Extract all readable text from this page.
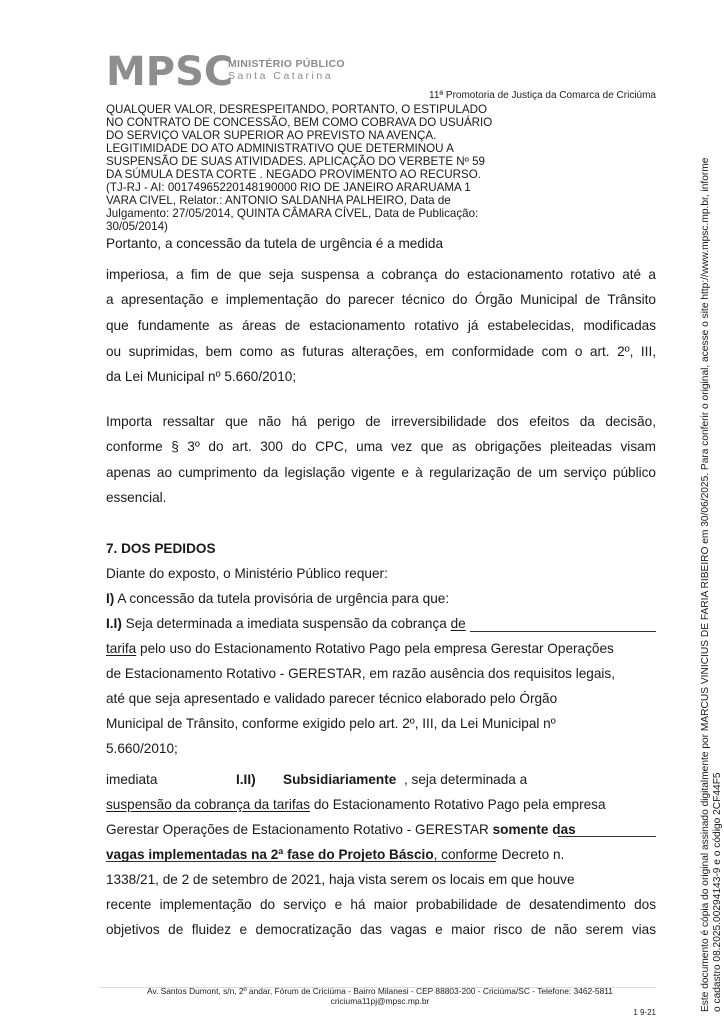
MPSC
MINISTÉRIO PÚBLICO
Santa Catarina
11ª Promotoria de Justiça da Comarca de Criciúma
QUALQUER VALOR, DESRESPEITANDO, PORTANTO, O ESTIPULADO
NO CONTRATO DE CONCESSÃO, BEM COMO COBRAVA DO USUÁRIO
DO SERVIÇO VALOR SUPERIOR AO PREVISTO NA AVENÇA.
LEGITIMIDADE DO ATO ADMINISTRATIVO QUE DETERMINOU A
SUSPENSÃO DE SUAS ATIVIDADES. APLICAÇÃO DO VERBETE Nº 59
DA SÚMULA DESTA CORTE . NEGADO PROVIMENTO AO RECURSO.
(TJ-RJ - AI: 00174965220148190000 RIO DE JANEIRO ARARUAMA 1
VARA CIVEL, Relator.: ANTONIO SALDANHA PALHEIRO, Data de
Julgamento: 27/05/2014, QUINTA CÂMARA CÍVEL, Data de Publicação:
30/05/2014)
Portanto, a concessão da tutela de urgência é a medida
imperiosa, a fim de que seja suspensa a cobrança do estacionamento rotativo até a
a apresentação e implementação do parecer técnico do Órgão Municipal de Trânsito
que fundamente as áreas de estacionamento rotativo já estabelecidas, modificadas
ou suprimidas, bem como as futuras alterações, em conformidade com o art. 2º, III,
da Lei Municipal nº 5.660/2010;
Importa ressaltar que não há perigo de irreversibilidade dos efeitos da decisão,
conforme § 3º do art. 300 do CPC, uma vez que as obrigações pleiteadas visam
apenas ao cumprimento da legislação vigente e à regularização de um serviço público
essencial.
7. DOS PEDIDOS
Diante do exposto, o Ministério Público requer:
I) A concessão da tutela provisória de urgência para que:
I.I) Seja determinada a imediata suspensão da cobrança de
tarifa pelo uso do Estacionamento Rotativo Pago pela empresa Gerestar Operações
de Estacionamento Rotativo - GERESTAR, em razão ausência dos requisitos legais,
até que seja apresentado e validado parecer técnico elaborado pelo Órgão
Municipal de Trânsito, conforme exigido pelo art. 2º, III, da Lei Municipal nº
5.660/2010;
imediata	I.II) Subsidiariamente , seja determinada a
suspensão da cobrança da tarifas do Estacionamento Rotativo Pago pela empresa
Gerestar Operações de Estacionamento Rotativo - GERESTAR somente das
vagas implementadas na 2ª fase do Projeto Báscio, conforme Decreto n.
1338/21, de 2 de setembro de 2021, haja vista serem os locais em que houve
recente implementação do serviço e há maior probabilidade de desatendimento dos
objetivos de fluidez e democratização das vagas e maior risco de não serem vias
Av. Santos Dumont, s/n, 2º andar, Fórum de Criciúma - Bairro Milanesi - CEP 88803-200 - Criciúma/SC - Telefone: 3462-5811
criciuma11pj@mpsc.mp.br
1 9-21
Este documento é cópia do original assinado digitalmente por MARCUS VINICIUS DE FARIA RIBEIRO em 30/06/2025. Para conferir o original, acesse o site http://www.mpsc.mp.br, informe o cadastro 08.2025.00294143-9 e o código 2CF44F5
